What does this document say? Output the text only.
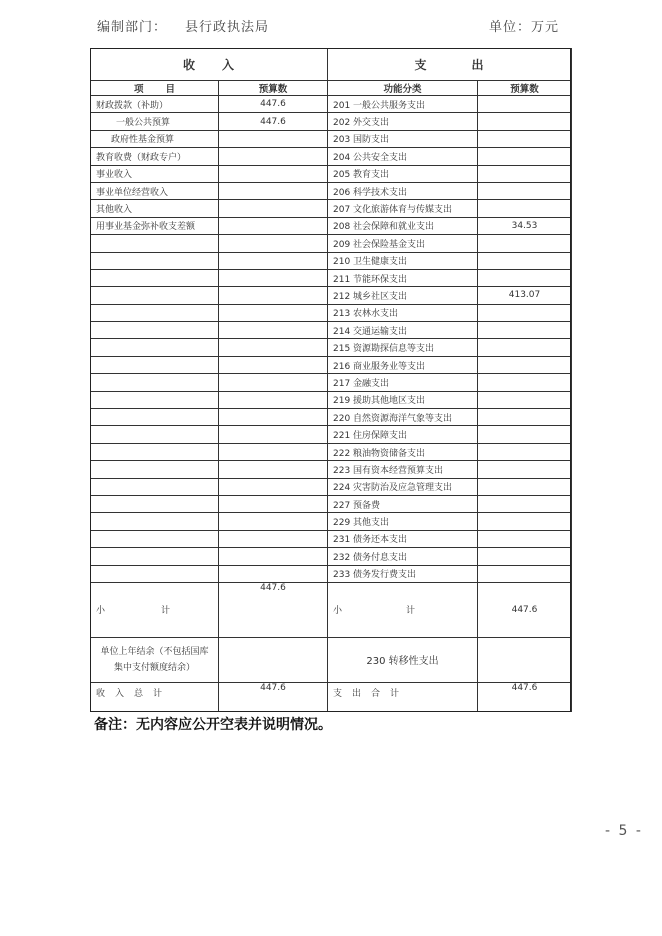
编制部门： 县行政执法局	单位：万元
收 入		支 出	
项 目	预算数	功能分类	预算数
财政拨款（补助）	447.6	201 一般公共服务支出	
一般公共预算	447.6	202 外交支出	
政府性基金预算		203 国防支出	
教育收费（财政专户）		204 公共安全支出	
事业收入		205 教育支出	
事业单位经营收入		206 科学技术支出	
其他收入		207 文化旅游体育与传媒支出	
用事业基金弥补收支差额		208 社会保障和就业支出	34.53
		209 社会保险基金支出	
		210 卫生健康支出	
		211 节能环保支出	
		212 城乡社区支出	413.07
		213 农林水支出	
		214 交通运输支出	
		215 资源勘探信息等支出	
		216 商业服务业等支出	
		217 金融支出	
		219 援助其他地区支出	
		220 自然资源海洋气象等支出	
		221 住房保障支出	
		222 粮油物资储备支出	
		223 国有资本经营预算支出	
		224 灾害防治及应急管理支出	
		227 预备费	
		229 其他支出	
		231 债务还本支出	
		232 债务付息支出	
		233 债务发行费支出	
小 计	447.6	小 计	447.6
单位上年结余（不包括国库集中支付额度结余）		230 转移性支出	
收 入 总 计	447.6	支 出 合 计	447.6
备注：无内容应公开空表并说明情况。
- 5 -
